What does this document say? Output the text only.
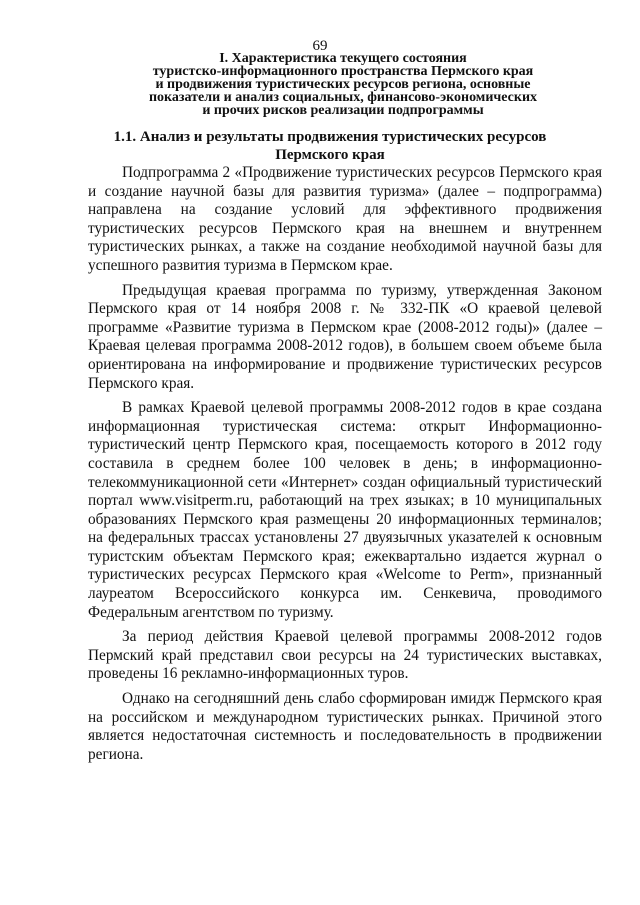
69
I. Характеристика текущего состояния
туристско-информационного пространства Пермского края
и продвижения туристических ресурсов региона, основные
показатели и анализ социальных, финансово-экономических
и прочих рисков реализации подпрограммы
1.1. Анализ и результаты продвижения туристических ресурсов
Пермского края

Подпрограмма 2 «Продвижение туристических ресурсов Пермского края и создание научной базы для развития туризма» (далее – подпрограмма) направлена на создание условий для эффективного продвижения туристических ресурсов Пермского края на внешнем и внутреннем туристических рынках, а также на создание необходимой научной базы для успешного развития туризма в Пермском крае.

Предыдущая краевая программа по туризму, утвержденная Законом Пермского края от 14 ноября 2008 г. № 332-ПК «О краевой целевой программе «Развитие туризма в Пермском крае (2008-2012 годы)» (далее – Краевая целевая программа 2008-2012 годов), в большем своем объеме была ориентирована на информирование и продвижение туристических ресурсов Пермского края.

В рамках Краевой целевой программы 2008-2012 годов в крае создана информационная туристическая система: открыт Информационно-туристический центр Пермского края, посещаемость которого в 2012 году составила в среднем более 100 человек в день; в информационно-телекоммуникационной сети «Интернет» создан официальный туристический портал www.visitperm.ru, работающий на трех языках; в 10 муниципальных образованиях Пермского края размещены 20 информационных терминалов; на федеральных трассах установлены 27 двуязычных указателей к основным туристским объектам Пермского края; ежеквартально издается журнал о туристических ресурсах Пермского края «Welcome to Perm», признанный лауреатом Всероссийского конкурса им. Сенкевича, проводимого Федеральным агентством по туризму.

За период действия Краевой целевой программы 2008-2012 годов Пермский край представил свои ресурсы на 24 туристических выставках, проведены 16 рекламно-информационных туров.

Однако на сегодняшний день слабо сформирован имидж Пермского края на российском и международном туристических рынках. Причиной этого является недостаточная системность и последовательность в продвижении региона.
